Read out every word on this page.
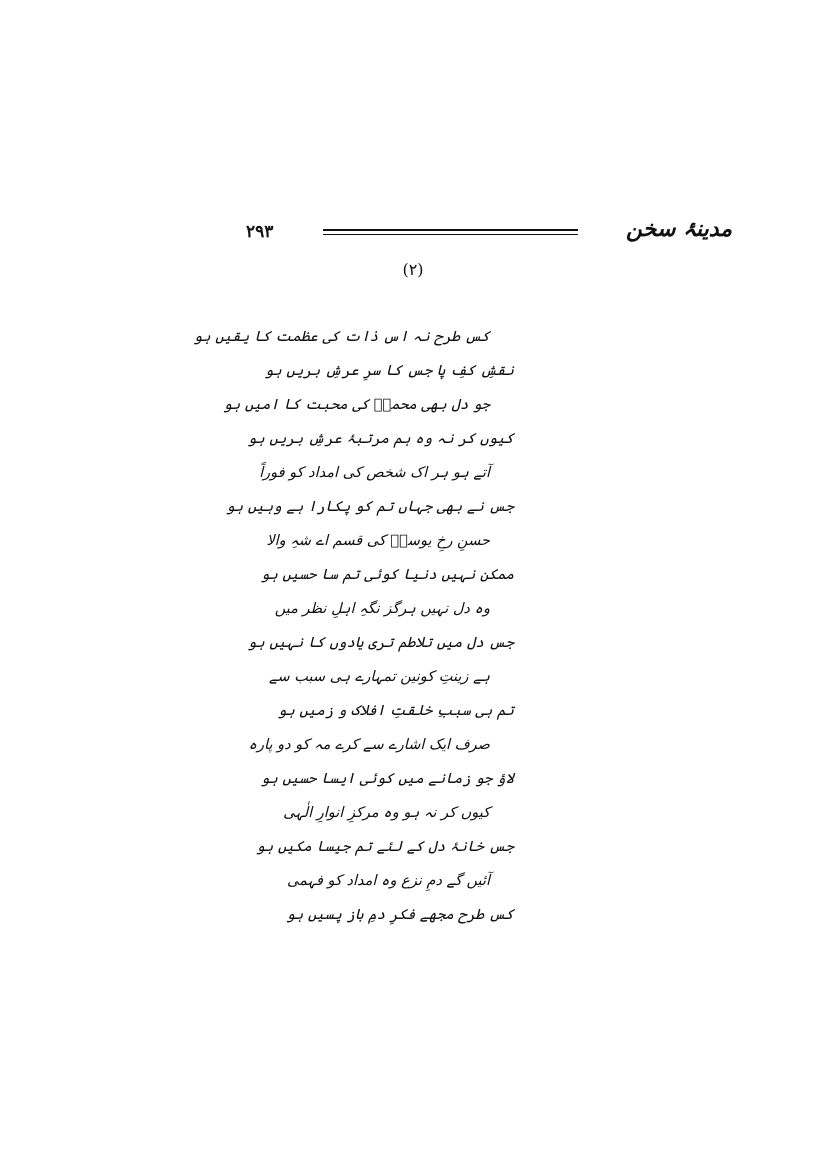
۲۹۳	مدینۂ سخن
(۲)
کس طرح نہ اس ذات کی عظمت کا یقیں ہو
نقشِ کفِ پا جس کا سرِ عرشِ بریں ہو
جو دل بھی محمدؐ کی محبت کا امیں ہو
کیوں کر نہ وہ ہم مرتبۂ عرشِ بریں ہو
آتے ہو ہر اک شخص کی امداد کو فوراً
جس نے بھی جہاں تم کو پکارا ہے وہیں ہو
حسنِ رخِ یوسفؑ کی قسم اے شہِ والا
ممکن نہیں دنیا کوئی تم سا حسیں ہو
وہ دل نہیں ہرگز نگہِ اہلِ نظر میں
جس دل میں تلاطم تری یادوں کا نہیں ہو
ہے زینتِ کونین تمہارے ہی سبب سے
تم ہی سببِ خلقتِ افلاک و زمیں ہو
صرف ایک اشارے سے کرے مہ کو دو پارہ
لاؤ جو زمانے میں کوئی ایسا حسیں ہو
کیوں کر نہ ہو وہ مرکزِ انوارِ الٰہی
جس خانۂ دل کے لئے تم جیسا مکیں ہو
آئیں گے دمِ نزع وہ امداد کو فہمی
کس طرح مجھے فکرِ دمِ باز پسیں ہو
